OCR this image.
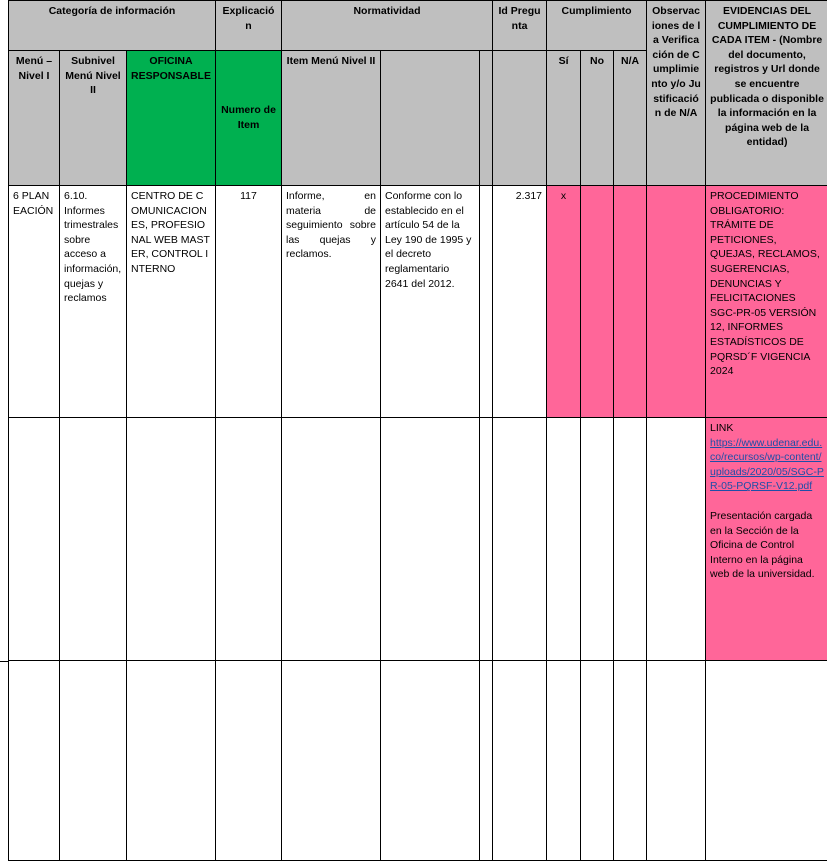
Categoría de información			Explicación	Normatividad			Id Pregunta	Cumplimiento			Observaciones de la Verificación de Cumplimiento y/o Justificación de N/A	EVIDENCIAS DEL CUMPLIMIENTO DE CADA ITEM - (Nombre del documento, registros y Url donde se encuentre publicada o disponible la información en la página web de la entidad)
Menú – Nivel I	Subnivel Menú Nivel II	OFICINA RESPONSABLE	Numero de Item	Item Menú Nivel II				Sí	No	N/A		
6 PLANEACIÓN	6.10. Informes trimestrales sobre acceso a información, quejas y reclamos	CENTRO DE COMUNICACIONES, PROFESIONAL WEB MASTER, CONTROL INTERNO	117	Informe, en materia de seguimiento sobre las quejas y reclamos.	Conforme con lo establecido en el artículo 54 de la Ley 190 de 1995 y el decreto reglamentario 2641 del 2012.		2.317	x				PROCEDIMIENTO OBLIGATORIO: TRÁMITE DE PETICIONES, QUEJAS, RECLAMOS, SUGERENCIAS, DENUNCIAS Y FELICITACIONES SGC-PR-05 VERSIÓN 12, INFORMES ESTADÍSTICOS DE PQRSD´F VIGENCIA 2024

												LINK
https://www.udenar.edu.co/recursos/wp-content/uploads/2020/05/SGC-PR-05-PQRSF-V12.pdf
Presentación cargada en la Sección de la Oficina de Control Interno en la página web de la universidad.
